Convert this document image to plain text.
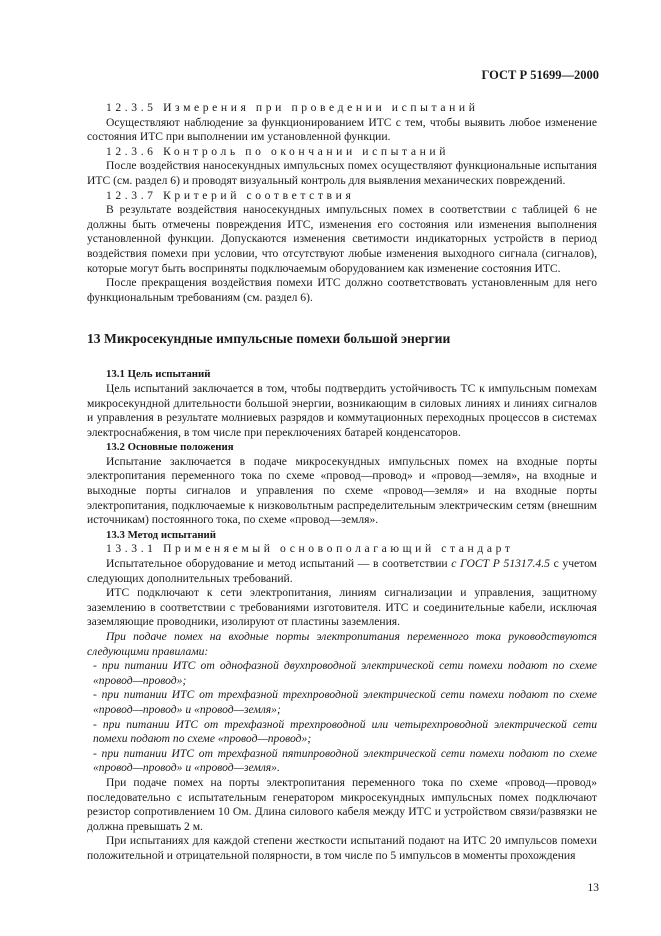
ГОСТ Р 51699—2000

12.3.5 Измерения при проведении испытаний

Осуществляют наблюдение за функционированием ИТС с тем, чтобы выявить любое изменение состояния ИТС при выполнении им установленной функции.

12.3.6 Контроль по окончании испытаний

После воздействия наносекундных импульсных помех осуществляют функциональные испытания ИТС (см. раздел 6) и проводят визуальный контроль для выявления механических повреждений.

12.3.7 Критерий соответствия

В результате воздействия наносекундных импульсных помех в соответствии с таблицей 6 не должны быть отмечены повреждения ИТС, изменения его состояния или изменения выполнения установленной функции. Допускаются изменения светимости индикаторных устройств в период воздействия помехи при условии, что отсутствуют любые изменения выходного сигнала (сигналов), которые могут быть восприняты подключаемым оборудованием как изменение состояния ИТС.

После прекращения воздействия помехи ИТС должно соответствовать установленным для него функциональным требованиям (см. раздел 6).

13 Микросекундные импульсные помехи большой энергии

13.1 Цель испытаний

Цель испытаний заключается в том, чтобы подтвердить устойчивость ТС к импульсным помехам микросекундной длительности большой энергии, возникающим в силовых линиях и линиях сигналов и управления в результате молниевых разрядов и коммутационных переходных процессов в системах электроснабжения, в том числе при переключениях батарей конденсаторов.

13.2 Основные положения

Испытание заключается в подаче микросекундных импульсных помех на входные порты электропитания переменного тока по схеме «провод—провод» и «провод—земля», на входные и выходные порты сигналов и управления по схеме «провод—земля» и на входные порты электропитания, подключаемые к низковольтным распределительным электрическим сетям (внешним источникам) постоянного тока, по схеме «провод—земля».

13.3 Метод испытаний

13.3.1 Применяемый основополагающий стандарт

Испытательное оборудование и метод испытаний — в соответствии с ГОСТ Р 51317.4.5 с учетом следующих дополнительных требований.

ИТС подключают к сети электропитания, линиям сигнализации и управления, защитному заземлению в соответствии с требованиями изготовителя. ИТС и соединительные кабели, исключая заземляющие проводники, изолируют от пластины заземления.

При подаче помех на входные порты электропитания переменного тока руководствуются следующими правилами:

- при питании ИТС от однофазной двухпроводной электрической сети помехи подают по схеме «провод—провод»;

- при питании ИТС от трехфазной трехпроводной электрической сети помехи подают по схеме «провод—провод» и «провод—земля»;

- при питании ИТС от трехфазной трехпроводной или четырехпроводной электрической сети помехи подают по схеме «провод—провод»;

- при питании ИТС от трехфазной пятипроводной электрической сети помехи подают по схеме «провод—провод» и «провод—земля».

При подаче помех на порты электропитания переменного тока по схеме «провод—провод» последовательно с испытательным генератором микросекундных импульсных помех подключают резистор сопротивлением 10 Ом. Длина силового кабеля между ИТС и устройством связи/развязки не должна превышать 2 м.

При испытаниях для каждой степени жесткости испытаний подают на ИТС 20 импульсов помехи положительной и отрицательной полярности, в том числе по 5 импульсов в моменты прохождения

13
